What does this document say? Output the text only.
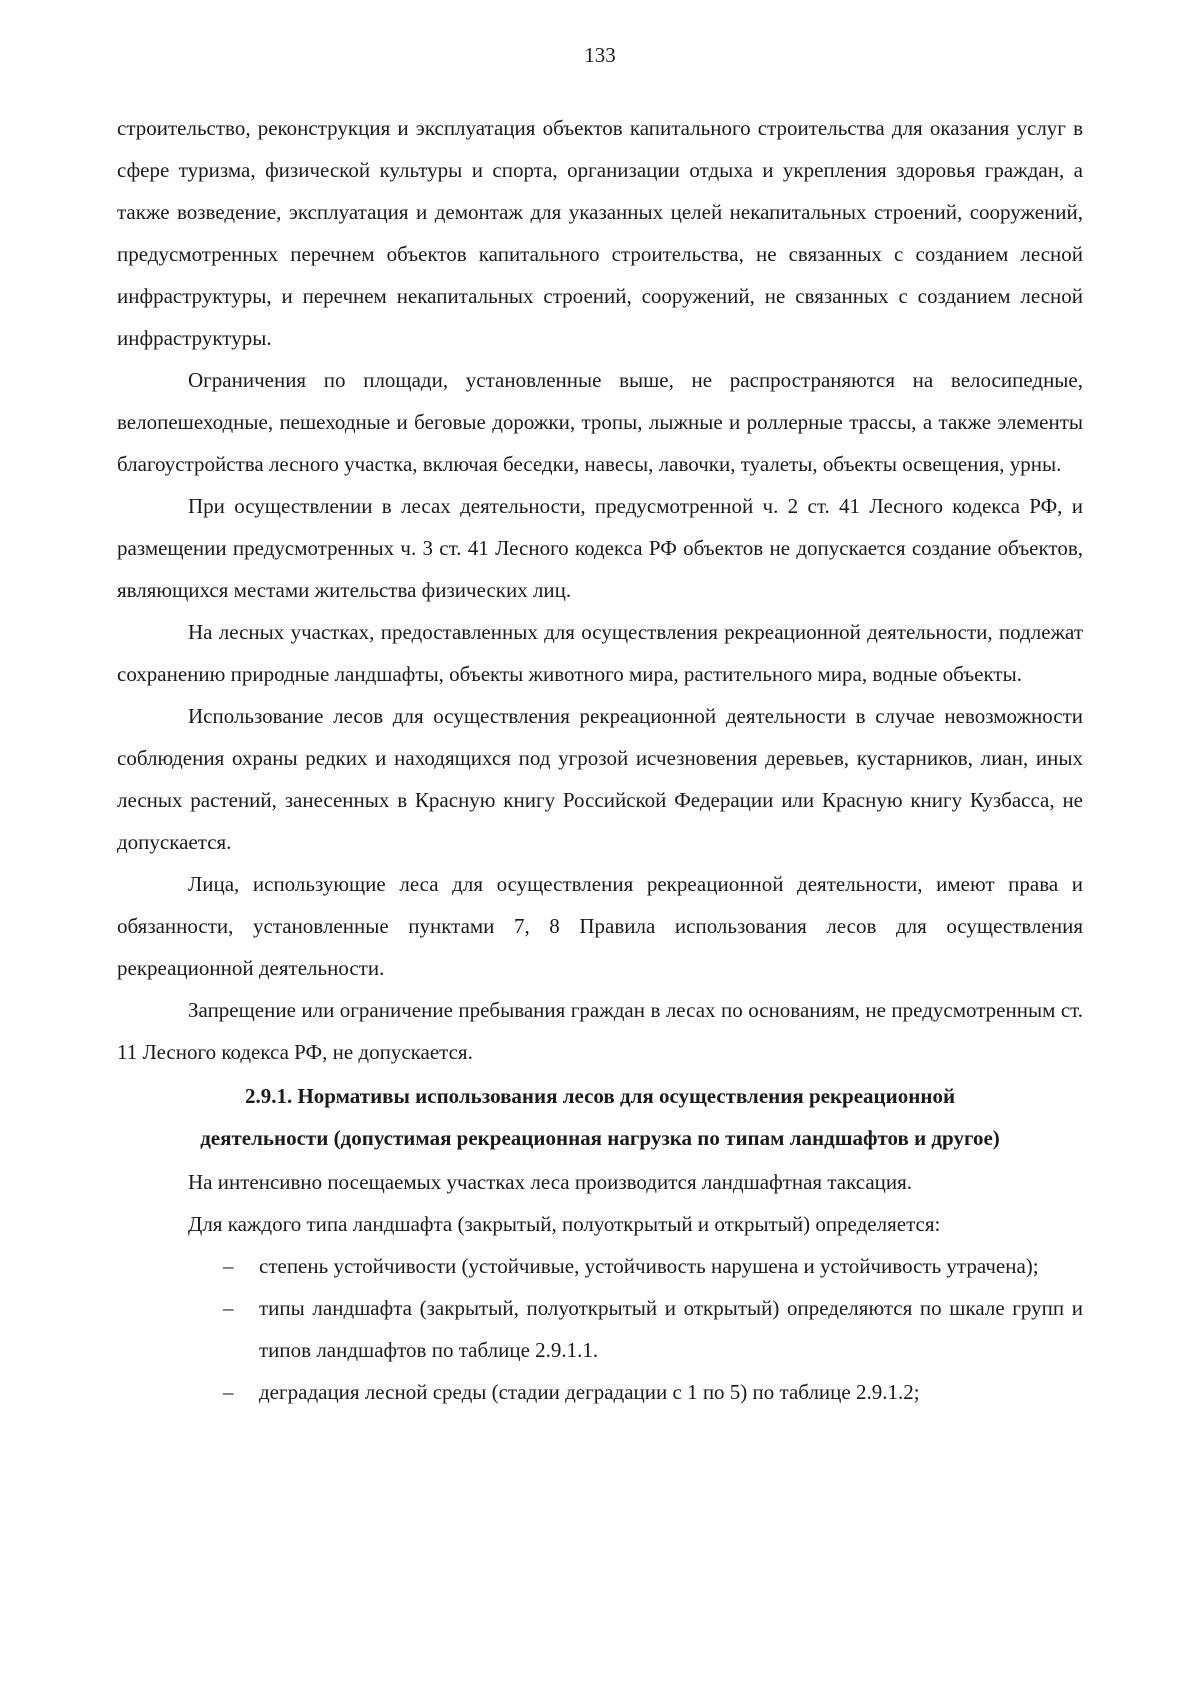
133

строительство, реконструкция и эксплуатация объектов капитального строительства для оказания услуг в сфере туризма, физической культуры и спорта, организации отдыха и укрепления здоровья граждан, а также возведение, эксплуатация и демонтаж для указанных целей некапитальных строений, сооружений, предусмотренных перечнем объектов капитального строительства, не связанных с созданием лесной инфраструктуры, и перечнем некапитальных строений, сооружений, не связанных с созданием лесной инфраструктуры.

Ограничения по площади, установленные выше, не распространяются на велосипедные, велопешеходные, пешеходные и беговые дорожки, тропы, лыжные и роллерные трассы, а также элементы благоустройства лесного участка, включая беседки, навесы, лавочки, туалеты, объекты освещения, урны.

При осуществлении в лесах деятельности, предусмотренной ч. 2 ст. 41 Лесного кодекса РФ, и размещении предусмотренных ч. 3 ст. 41 Лесного кодекса РФ объектов не допускается создание объектов, являющихся местами жительства физических лиц.

На лесных участках, предоставленных для осуществления рекреационной деятельности, подлежат сохранению природные ландшафты, объекты животного мира, растительного мира, водные объекты.

Использование лесов для осуществления рекреационной деятельности в случае невозможности соблюдения охраны редких и находящихся под угрозой исчезновения деревьев, кустарников, лиан, иных лесных растений, занесенных в Красную книгу Российской Федерации или Красную книгу Кузбасса, не допускается.

Лица, использующие леса для осуществления рекреационной деятельности, имеют права и обязанности, установленные пунктами 7, 8 Правила использования лесов для осуществления рекреационной деятельности.

Запрещение или ограничение пребывания граждан в лесах по основаниям, не предусмотренным ст. 11 Лесного кодекса РФ, не допускается.

2.9.1. Нормативы использования лесов для осуществления рекреационной
деятельности (допустимая рекреационная нагрузка по типам ландшафтов и другое)

На интенсивно посещаемых участках леса производится ландшафтная таксация.

Для каждого типа ландшафта (закрытый, полуоткрытый и открытый) определяется:

– степень устойчивости (устойчивые, устойчивость нарушена и устойчивость утрачена);
– типы ландшафта (закрытый, полуоткрытый и открытый) определяются по шкале групп и типов ландшафтов по таблице 2.9.1.1.
– деградация лесной среды (стадии деградации с 1 по 5) по таблице 2.9.1.2;
